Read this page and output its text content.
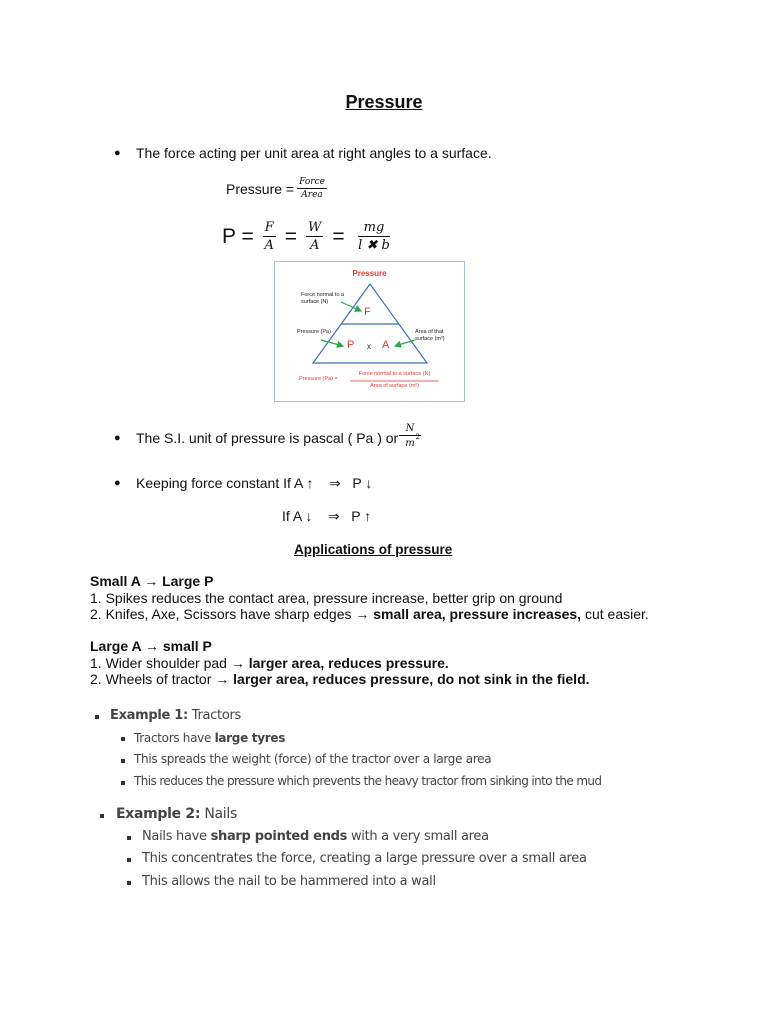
Pressure
● The force acting per unit area at right angles to a surface.
Pressure = $\frac{\text{Force}}{\text{Area}}$
$P = \frac{F}{A} = \frac{W}{A} = \frac{mg}{l ✖ b}$
Pressure
Force normal to a surface (N)
Pressure (Pa)	Area of that surface (m²)
F
P x A
Pressure (Pa) =
Force normal to a surface (N)
Area of surface (m²)
● The S.I. unit of pressure is pascal ( Pa ) or
N
m
2
● Keeping force constant If A ↑    ⇒   P ↓
If A ↓    ⇒   P ↑
Applications of pressure
Small A → Large P
1. Spikes reduces the contact area, pressure increase, better grip on ground
2. Knifes, Axe, Scissors have sharp edges → small area, pressure increases, cut easier.
Large A → small P
1. Wider shoulder pad → larger area, reduces pressure.
2. Wheels of tractor → larger area, reduces pressure, do not sink in the field.
Example 1: Tractors
Tractors have large tyres
This spreads the weight (force) of the tractor over a large area
This reduces the pressure which prevents the heavy tractor from sinking into the mud
Example 2: Nails
Nails have sharp pointed ends with a very small area
This concentrates the force, creating a large pressure over a small area
This allows the nail to be hammered into a wall
